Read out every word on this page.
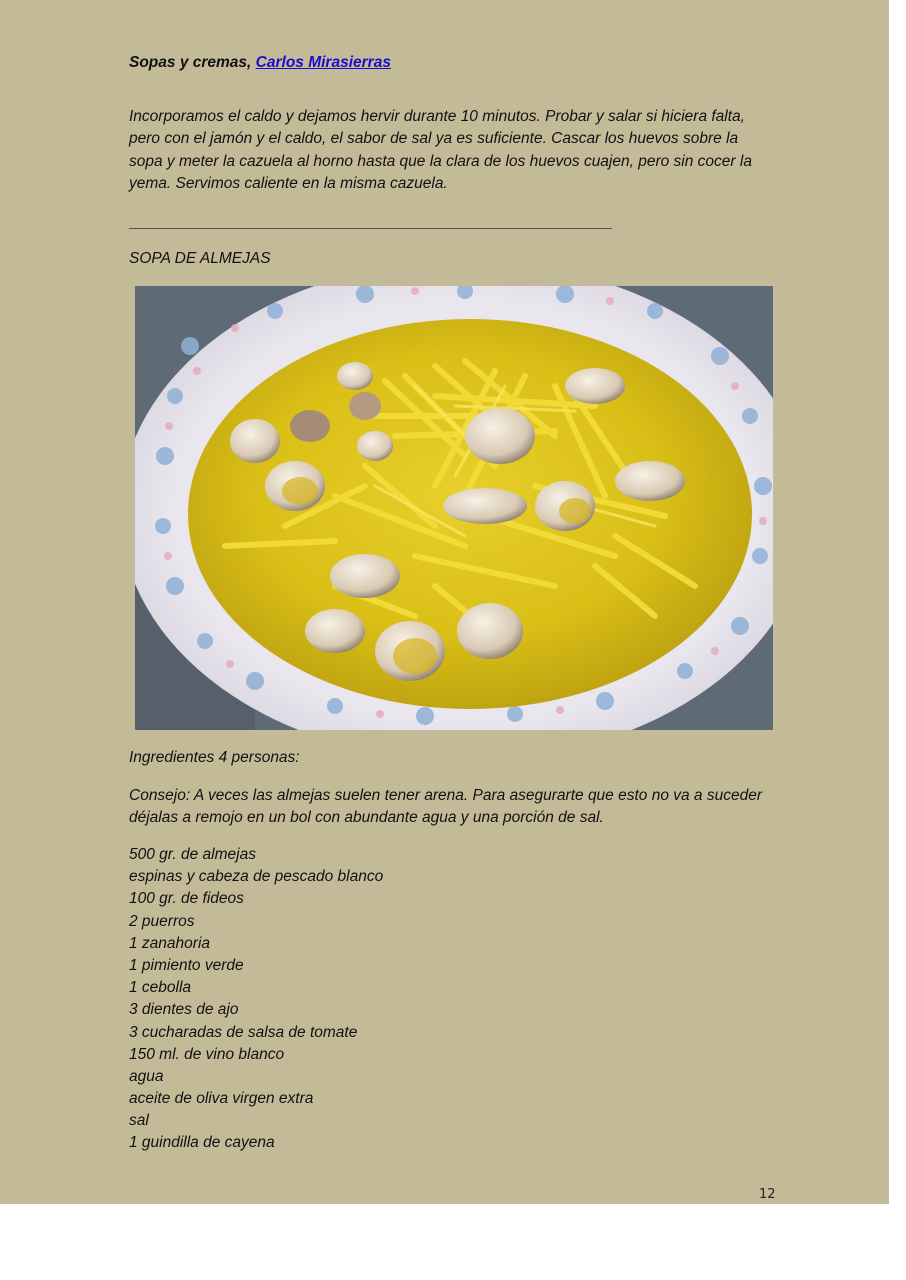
Sopas y cremas, Carlos Mirasierras

Incorporamos el caldo y dejamos hervir durante 10 minutos. Probar y salar si hiciera falta, pero con el jamón y el caldo, el sabor de sal ya es suficiente. Cascar los huevos sobre la sopa y meter la cazuela al horno hasta que la clara de los huevos cuajen, pero sin cocer la yema. Servimos caliente en la misma cazuela.

SOPA DE ALMEJAS

Ingredientes 4 personas:

Consejo: A veces las almejas suelen tener arena. Para asegurarte que esto no va a suceder déjalas a remojo en un bol con abundante agua y una porción de sal.

500 gr. de almejas
espinas y cabeza de pescado blanco
100 gr. de fideos
2 puerros
1 zanahoria
1 pimiento verde
1 cebolla
3 dientes de ajo
3 cucharadas de salsa de tomate
150 ml. de vino blanco
agua
aceite de oliva virgen extra
sal
1 guindilla de cayena
12
